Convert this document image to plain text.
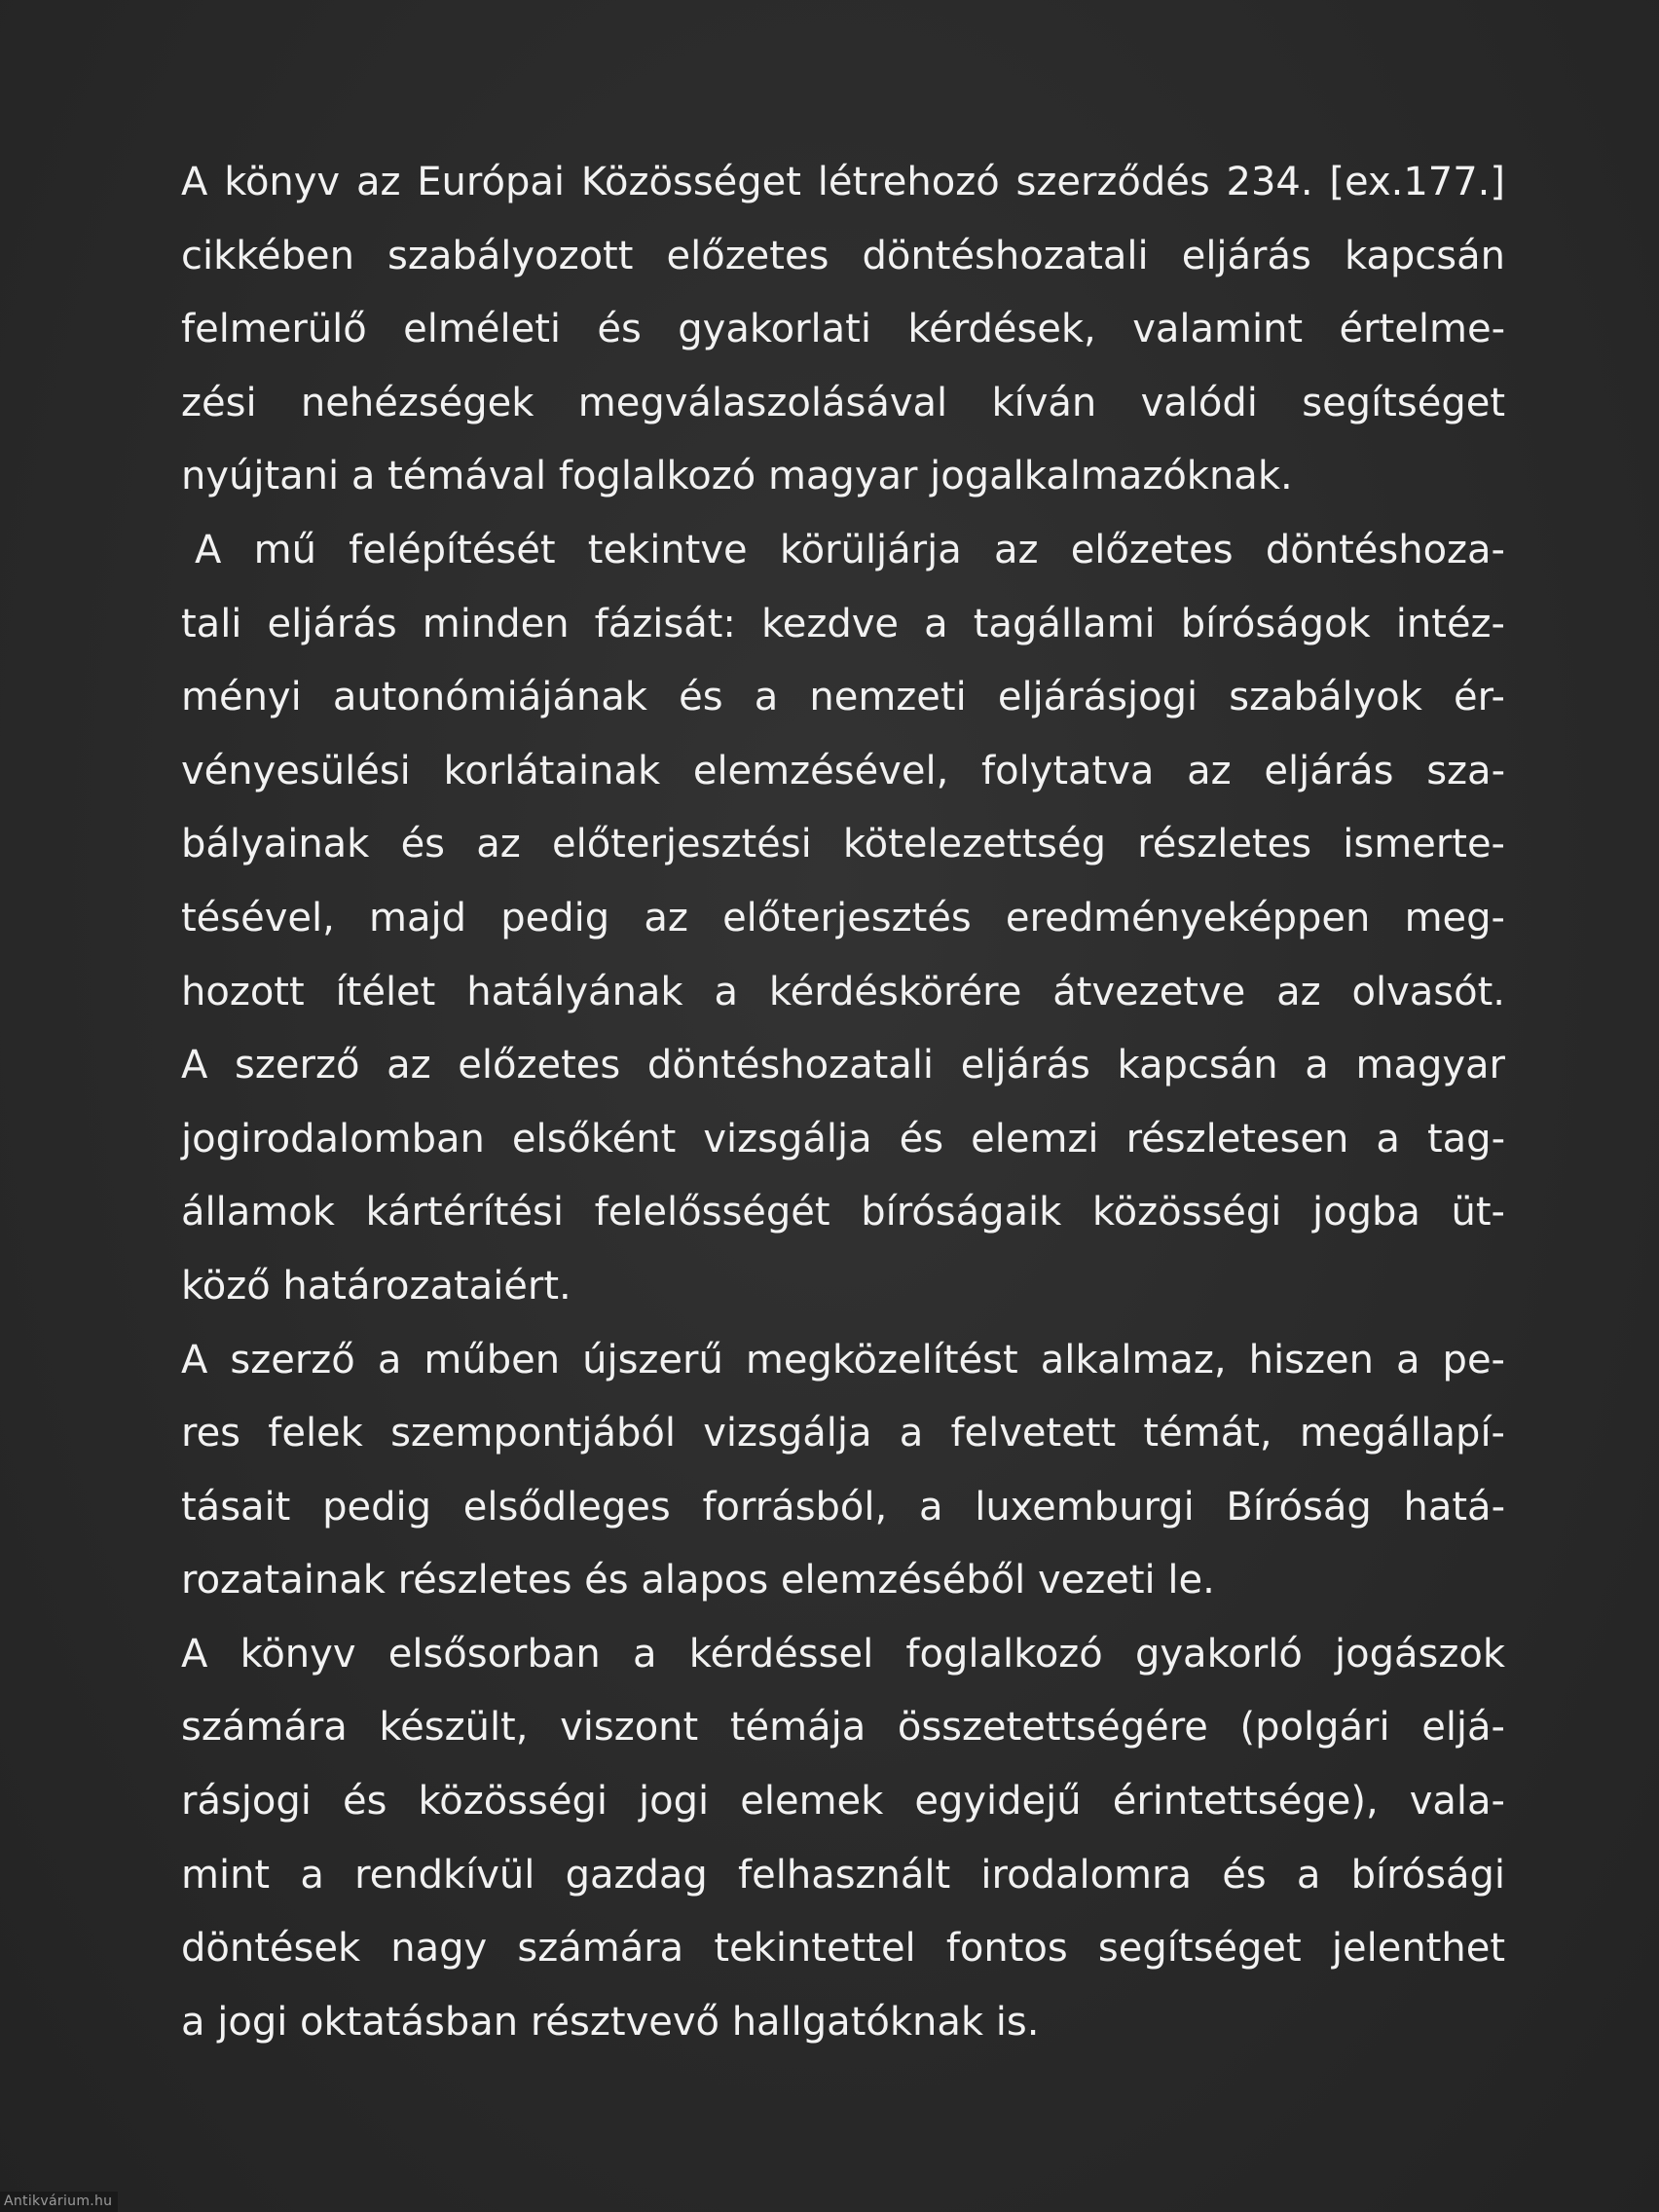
A könyv az Európai Közösséget létrehozó szerződés 234. [ex.177.]
cikkében szabályozott előzetes döntéshozatali eljárás kapcsán
felmerülő elméleti és gyakorlati kérdések, valamint értelme-
zési nehézségek megválaszolásával kíván valódi segítséget
nyújtani a témával foglalkozó magyar jogalkalmazóknak.
A mű felépítését tekintve körüljárja az előzetes döntéshoza-
tali eljárás minden fázisát: kezdve a tagállami bíróságok intéz-
ményi autonómiájának és a nemzeti eljárásjogi szabályok ér-
vényesülési korlátainak elemzésével, folytatva az eljárás sza-
bályainak és az előterjesztési kötelezettség részletes ismerte-
tésével, majd pedig az előterjesztés eredményeképpen meg-
hozott ítélet hatályának a kérdéskörére átvezetve az olvasót.
A szerző az előzetes döntéshozatali eljárás kapcsán a magyar
jogirodalomban elsőként vizsgálja és elemzi részletesen a tag-
államok kártérítési felelősségét bíróságaik közösségi jogba üt-
köző határozataiért.
A szerző a műben újszerű megközelítést alkalmaz, hiszen a pe-
res felek szempontjából vizsgálja a felvetett témát, megállapí-
tásait pedig elsődleges forrásból, a luxemburgi Bíróság hatá-
rozatainak részletes és alapos elemzéséből vezeti le.
A könyv elsősorban a kérdéssel foglalkozó gyakorló jogászok
számára készült, viszont témája összetettségére (polgári eljá-
rásjogi és közösségi jogi elemek egyidejű érintettsége), vala-
mint a rendkívül gazdag felhasznált irodalomra és a bírósági
döntések nagy számára tekintettel fontos segítséget jelenthet
a jogi oktatásban résztvevő hallgatóknak is.
Antikvárium.hu
